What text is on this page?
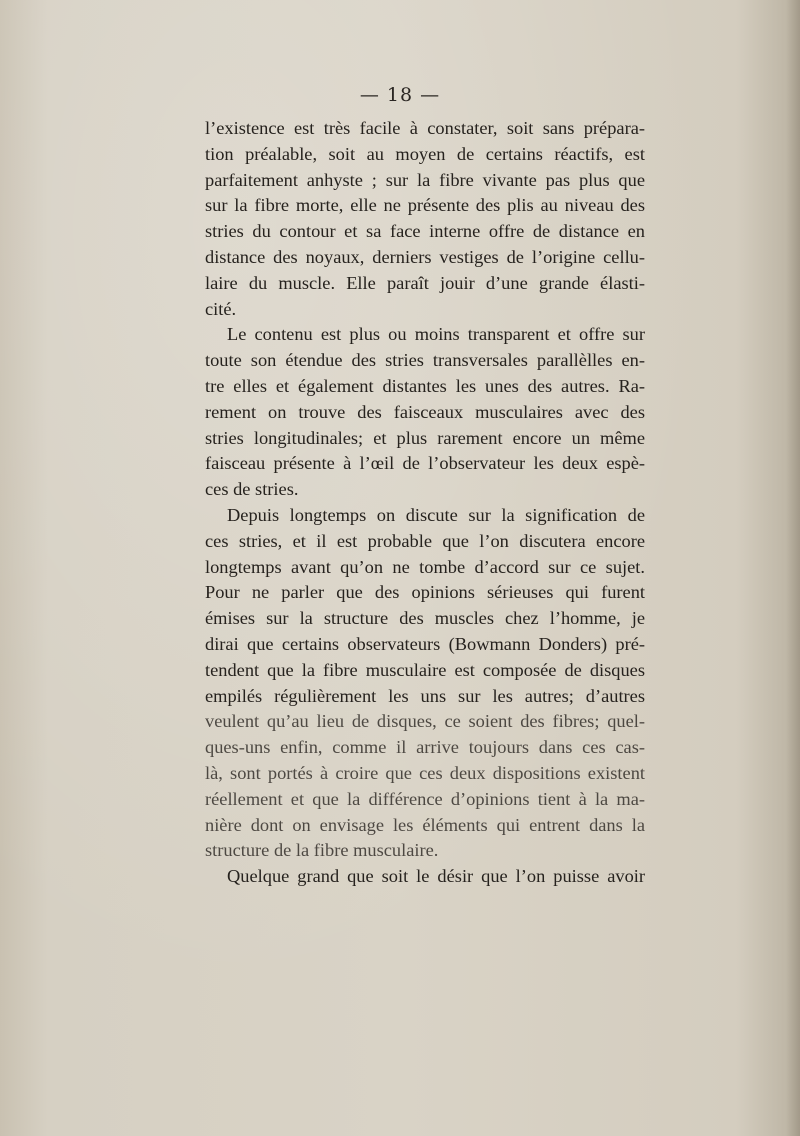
— 18 —
l’existence est très facile à constater, soit sans prépara-
tion préalable, soit au moyen de certains réactifs, est
parfaitement anhyste ; sur la fibre vivante pas plus que
sur la fibre morte, elle ne présente des plis au niveau des
stries du contour et sa face interne offre de distance en
distance des noyaux, derniers vestiges de l’origine cellu-
laire du muscle. Elle paraît jouir d’une grande élasti-
cité.
Le contenu est plus ou moins transparent et offre sur
toute son étendue des stries transversales parallèlles en-
tre elles et également distantes les unes des autres. Ra-
rement on trouve des faisceaux musculaires avec des
stries longitudinales; et plus rarement encore un même
faisceau présente à l’œil de l’observateur les deux espè-
ces de stries.
Depuis longtemps on discute sur la signification de
ces stries, et il est probable que l’on discutera encore
longtemps avant qu’on ne tombe d’accord sur ce sujet.
Pour ne parler que des opinions sérieuses qui furent
émises sur la structure des muscles chez l’homme, je
dirai que certains observateurs (Bowmann Donders) pré-
tendent que la fibre musculaire est composée de disques
empilés régulièrement les uns sur les autres; d’autres
veulent qu’au lieu de disques, ce soient des fibres; quel-
ques-uns enfin, comme il arrive toujours dans ces cas-
là, sont portés à croire que ces deux dispositions existent
réellement et que la différence d’opinions tient à la ma-
nière dont on envisage les éléments qui entrent dans la
structure de la fibre musculaire.
Quelque grand que soit le désir que l’on puisse avoir
